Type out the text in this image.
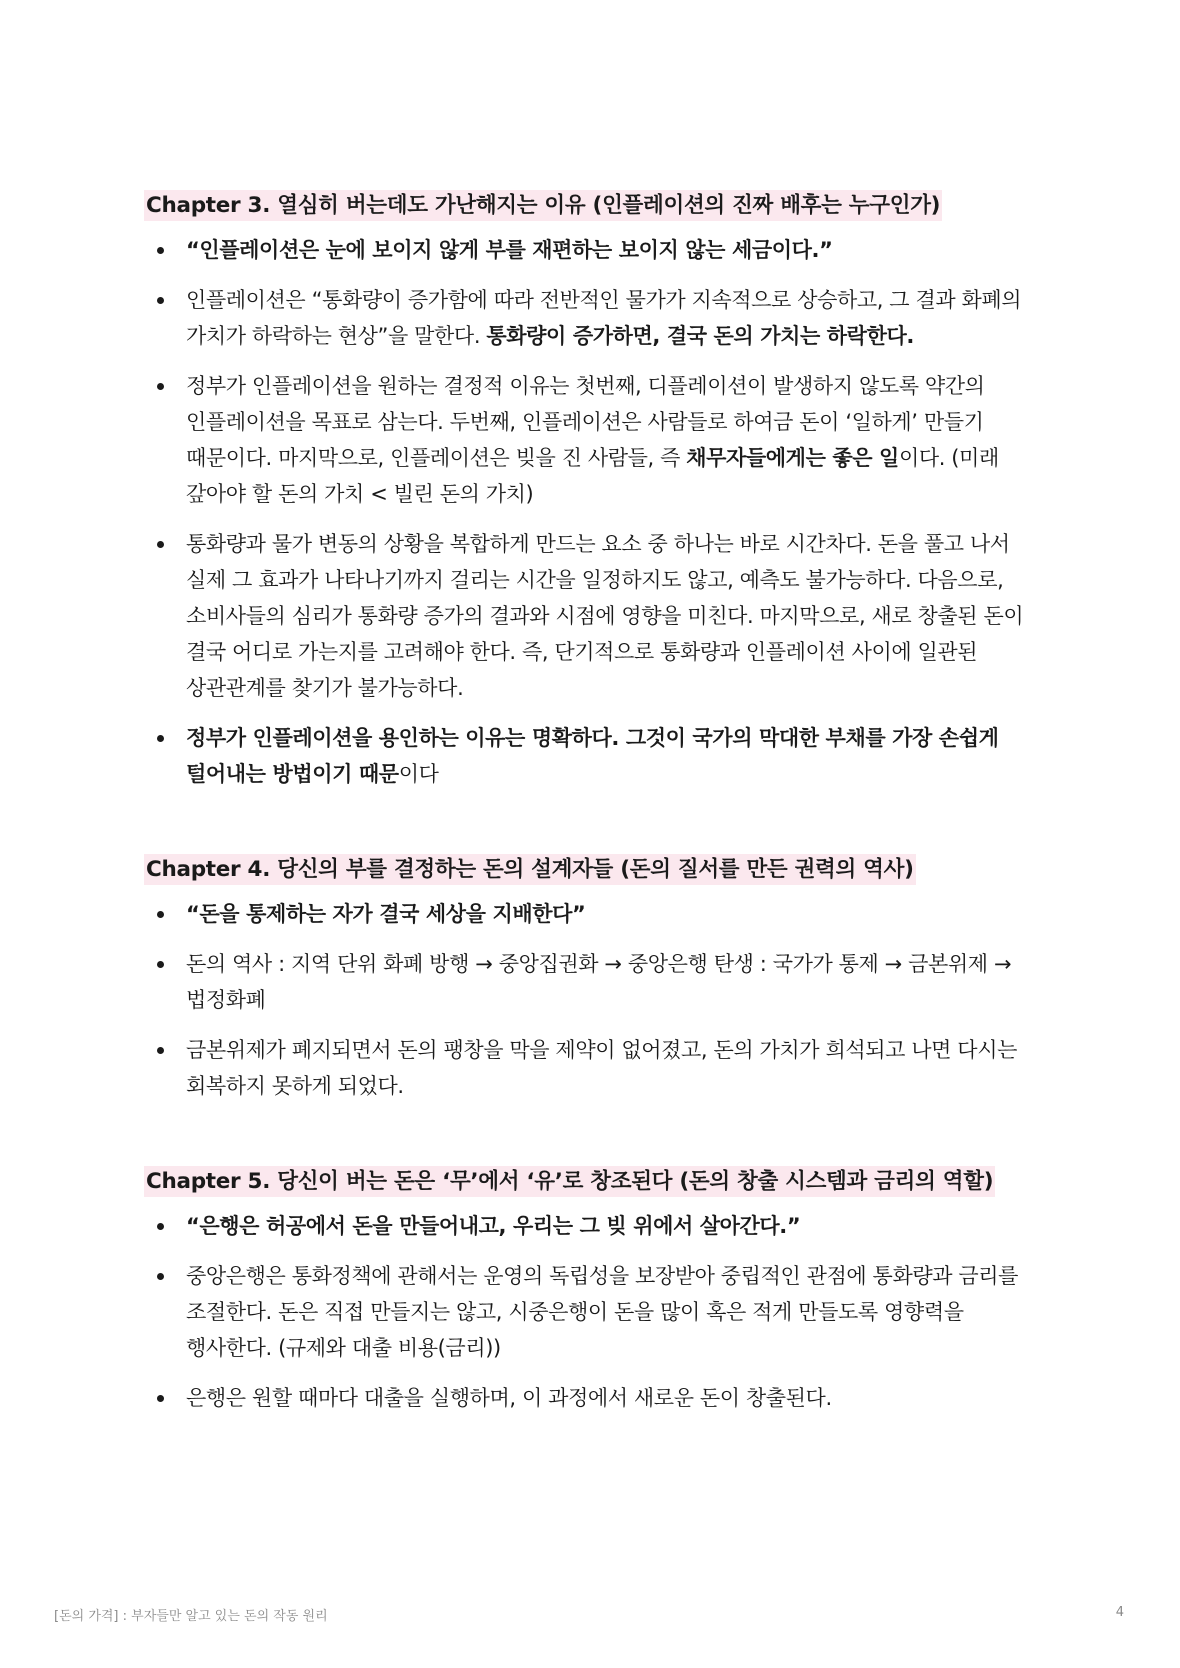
Chapter 3. 열심히 버는데도 가난해지는 이유 (인플레이션의 진짜 배후는 누구인가)
“인플레이션은 눈에 보이지 않게 부를 재편하는 보이지 않는 세금이다.”
인플레이션은 “통화량이 증가함에 따라 전반적인 물가가 지속적으로 상승하고, 그 결과 화폐의 가치가 하락하는 현상”을 말한다. 통화량이 증가하면, 결국 돈의 가치는 하락한다.
정부가 인플레이션을 원하는 결정적 이유는 첫번째, 디플레이션이 발생하지 않도록 약간의 인플레이션을 목표로 삼는다. 두번째, 인플레이션은 사람들로 하여금 돈이 ‘일하게’ 만들기 때문이다. 마지막으로, 인플레이션은 빚을 진 사람들, 즉 채무자들에게는 좋은 일이다. (미래 갚아야 할 돈의 가치 < 빌린 돈의 가치)
통화량과 물가 변동의 상황을 복합하게 만드는 요소 중 하나는 바로 시간차다. 돈을 풀고 나서 실제 그 효과가 나타나기까지 걸리는 시간을 일정하지도 않고, 예측도 불가능하다. 다음으로, 소비사들의 심리가 통화량 증가의 결과와 시점에 영향을 미친다. 마지막으로, 새로 창출된 돈이 결국 어디로 가는지를 고려해야 한다. 즉, 단기적으로 통화량과 인플레이션 사이에 일관된 상관관계를 찾기가 불가능하다.
정부가 인플레이션을 용인하는 이유는 명확하다. 그것이 국가의 막대한 부채를 가장 손쉽게 털어내는 방법이기 때문이다
Chapter 4. 당신의 부를 결정하는 돈의 설계자들 (돈의 질서를 만든 권력의 역사)
“돈을 통제하는 자가 결국 세상을 지배한다”
돈의 역사 : 지역 단위 화폐 방행 → 중앙집권화 → 중앙은행 탄생 : 국가가 통제 → 금본위제 → 법정화폐
금본위제가 폐지되면서 돈의 팽창을 막을 제약이 없어졌고, 돈의 가치가 희석되고 나면 다시는 회복하지 못하게 되었다.
Chapter 5. 당신이 버는 돈은 ‘무’에서 ‘유’로 창조된다 (돈의 창출 시스템과 금리의 역할)
“은행은 허공에서 돈을 만들어내고, 우리는 그 빚 위에서 살아간다.”
중앙은행은 통화정책에 관해서는 운영의 독립성을 보장받아 중립적인 관점에 통화량과 금리를 조절한다. 돈은 직접 만들지는 않고, 시중은행이 돈을 많이 혹은 적게 만들도록 영향력을 행사한다. (규제와 대출 비용(금리))
은행은 원할 때마다 대출을 실행하며, 이 과정에서 새로운 돈이 창출된다.
[돈의 가격] : 부자들만 알고 있는 돈의 작동 원리	4
